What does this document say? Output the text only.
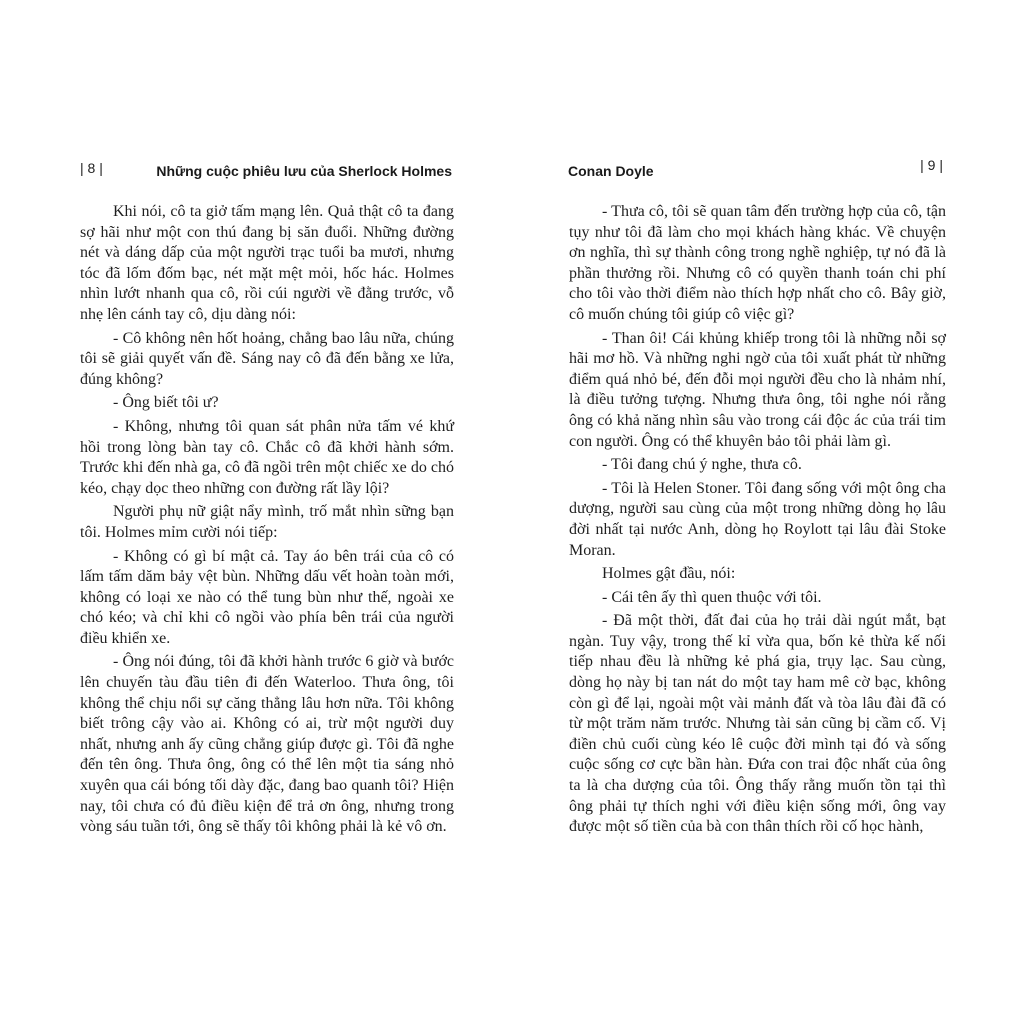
| 8 |	Những cuộc phiêu lưu của Sherlock Holmes

Khi nói, cô ta giở tấm mạng lên. Quả thật cô ta đang sợ hãi như một con thú đang bị săn đuổi. Những đường nét và dáng dấp của một người trạc tuổi ba mươi, nhưng tóc đã lốm đốm bạc, nét mặt mệt mỏi, hốc hác. Holmes nhìn lướt nhanh qua cô, rồi cúi người về đằng trước, vỗ nhẹ lên cánh tay cô, dịu dàng nói:

- Cô không nên hốt hoảng, chẳng bao lâu nữa, chúng tôi sẽ giải quyết vấn đề. Sáng nay cô đã đến bằng xe lửa, đúng không?

- Ông biết tôi ư?

- Không, nhưng tôi quan sát phân nửa tấm vé khứ hồi trong lòng bàn tay cô. Chắc cô đã khởi hành sớm. Trước khi đến nhà ga, cô đã ngồi trên một chiếc xe do chó kéo, chạy dọc theo những con đường rất lầy lội?

Người phụ nữ giật nẩy mình, trố mắt nhìn sững bạn tôi. Holmes mỉm cười nói tiếp:

- Không có gì bí mật cả. Tay áo bên trái của cô có lấm tấm dăm bảy vệt bùn. Những dấu vết hoàn toàn mới, không có loại xe nào có thể tung bùn như thế, ngoài xe chó kéo; và chỉ khi cô ngồi vào phía bên trái của người điều khiển xe.

- Ông nói đúng, tôi đã khởi hành trước 6 giờ và bước lên chuyến tàu đầu tiên đi đến Waterloo. Thưa ông, tôi không thể chịu nổi sự căng thẳng lâu hơn nữa. Tôi không biết trông cậy vào ai. Không có ai, trừ một người duy nhất, nhưng anh ấy cũng chẳng giúp được gì. Tôi đã nghe đến tên ông. Thưa ông, ông có thể lên một tia sáng nhỏ xuyên qua cái bóng tối dày đặc, đang bao quanh tôi? Hiện nay, tôi chưa có đủ điều kiện để trả ơn ông, nhưng trong vòng sáu tuần tới, ông sẽ thấy tôi không phải là kẻ vô ơn.

Conan Doyle	| 9 |

- Thưa cô, tôi sẽ quan tâm đến trường hợp của cô, tận tụy như tôi đã làm cho mọi khách hàng khác. Về chuyện ơn nghĩa, thì sự thành công trong nghề nghiệp, tự nó đã là phần thưởng rồi. Nhưng cô có quyền thanh toán chi phí cho tôi vào thời điểm nào thích hợp nhất cho cô. Bây giờ, cô muốn chúng tôi giúp cô việc gì?

- Than ôi! Cái khủng khiếp trong tôi là những nỗi sợ hãi mơ hồ. Và những nghi ngờ của tôi xuất phát từ những điểm quá nhỏ bé, đến đỗi mọi người đều cho là nhảm nhí, là điều tưởng tượng. Nhưng thưa ông, tôi nghe nói rằng ông có khả năng nhìn sâu vào trong cái độc ác của trái tim con người. Ông có thể khuyên bảo tôi phải làm gì.

- Tôi đang chú ý nghe, thưa cô.

- Tôi là Helen Stoner. Tôi đang sống với một ông cha dượng, người sau cùng của một trong những dòng họ lâu đời nhất tại nước Anh, dòng họ Roylott tại lâu đài Stoke Moran.

Holmes gật đầu, nói:

- Cái tên ấy thì quen thuộc với tôi.

- Đã một thời, đất đai của họ trải dài ngút mắt, bạt ngàn. Tuy vậy, trong thế kỉ vừa qua, bốn kẻ thừa kế nối tiếp nhau đều là những kẻ phá gia, trụy lạc. Sau cùng, dòng họ này bị tan nát do một tay ham mê cờ bạc, không còn gì để lại, ngoài một vài mảnh đất và tòa lâu đài đã có từ một trăm năm trước. Nhưng tài sản cũng bị cầm cố. Vị điền chủ cuối cùng kéo lê cuộc đời mình tại đó và sống cuộc sống cơ cực bần hàn. Đứa con trai độc nhất của ông ta là cha dượng của tôi. Ông thấy rằng muốn tồn tại thì ông phải tự thích nghi với điều kiện sống mới, ông vay được một số tiền của bà con thân thích rồi cố học hành,
